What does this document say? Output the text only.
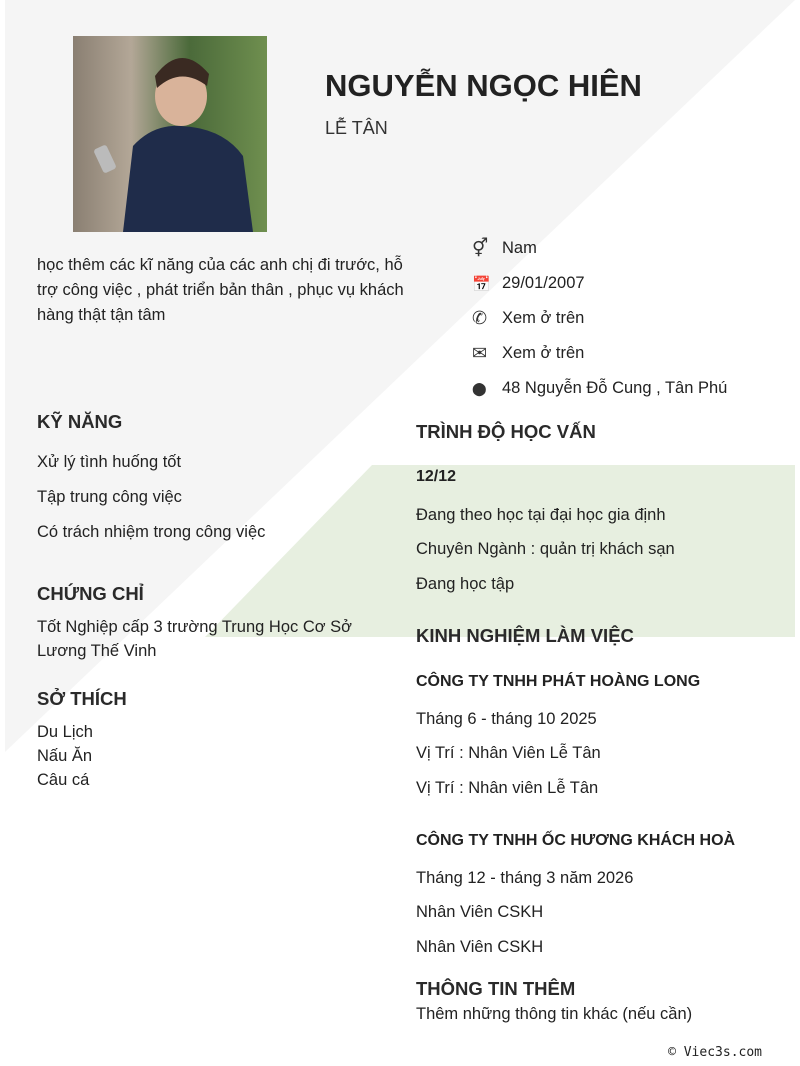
NGUYỄN NGỌC HIÊN
LỄ TÂN
học thêm các kĩ năng của các anh chị đi trước, hỗ trợ công việc , phát triển bản thân , phục vụ khách hàng thật tận tâm
⚥ Nam
📅 29/01/2007
✆ Xem ở trên
✉ Xem ở trên
⬤ 48 Nguyễn Đỗ Cung , Tân Phú
KỸ NĂNG
Xử lý tình huống tốt
Tập trung công việc
Có trách nhiệm trong công việc
CHỨNG CHỈ
Tốt Nghiệp cấp 3 trường Trung Học Cơ Sở Lương Thế Vinh
SỞ THÍCH
Du Lịch
Nấu Ăn
Câu cá
TRÌNH ĐỘ HỌC VẤN
12/12
Đang theo học tại đại học gia định
Chuyên Ngành : quản trị khách sạn
Đang học tập
KINH NGHIỆM LÀM VIỆC
CÔNG TY TNHH PHÁT HOÀNG LONG
Tháng 6 - tháng 10 2025
Vị Trí : Nhân Viên Lễ Tân
Vị Trí : Nhân viên Lễ Tân
CÔNG TY TNHH ỐC HƯƠNG KHÁCH HOÀ
Tháng 12 - tháng 3 năm 2026
Nhân Viên CSKH
Nhân Viên CSKH
THÔNG TIN THÊM
Thêm những thông tin khác (nếu cần)
© Viec3s.com
